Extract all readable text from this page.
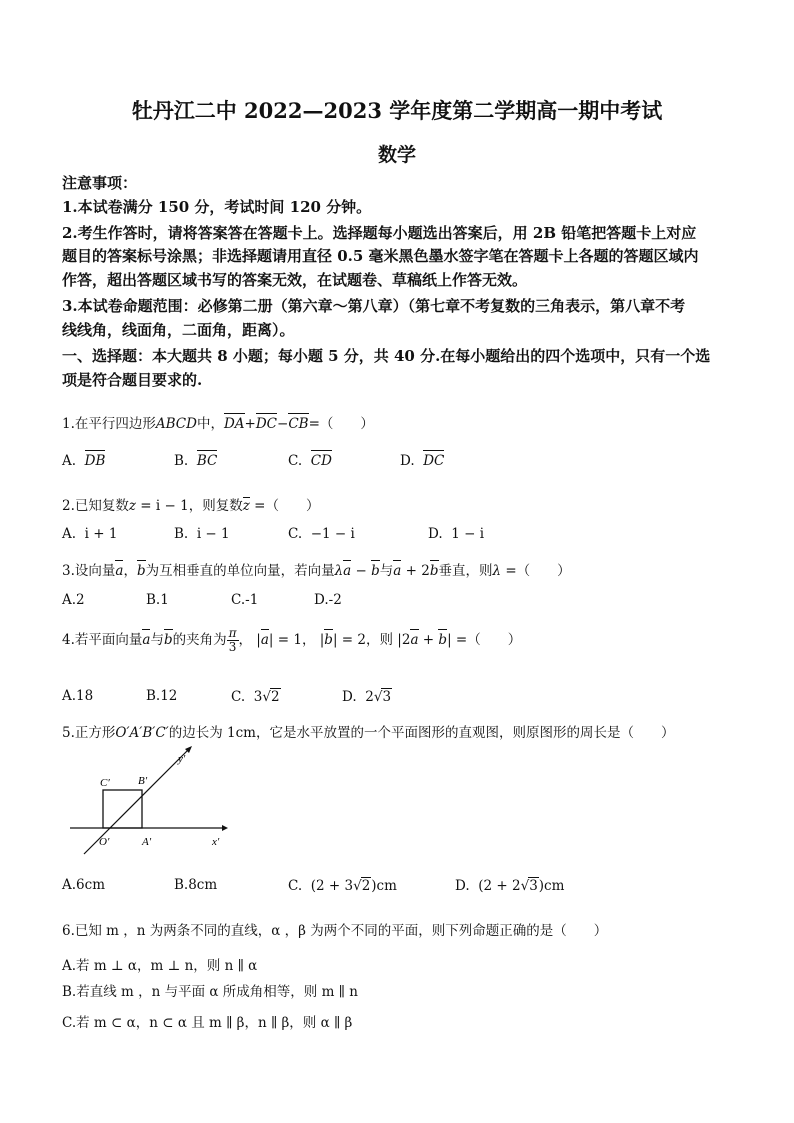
牡丹江二中 2022—2023 学年度第二学期高一期中考试
数学
注意事项：
1.本试卷满分 150 分，考试时间 120 分钟。
2.考生作答时，请将答案答在答题卡上。选择题每小题选出答案后，用 2B 铅笔把答题卡上对应
题目的答案标号涂黑；非选择题请用直径 0.5 毫米黑色墨水签字笔在答题卡上各题的答题区域内
作答，超出答题区域书写的答案无效，在试题卷、草稿纸上作答无效。
3.本试卷命题范围：必修第二册（第六章～第八章）（第七章不考复数的三角表示，第八章不考
线线角，线面角，二面角，距离）。
一、选择题：本大题共 8 小题；每小题 5 分，共 40 分.在每小题给出的四个选项中，只有一个选
项是符合题目要求的.
1.在平行四边形ABCD中，DA+DC−CB=（　　）
A. DB	B. BC	C. CD	D. DC
2.已知复数z = i − 1，则复数z =（　　）
A. i + 1	B. i − 1	C. −1 − i	D. 1 − i
3.设向量a，b为互相垂直的单位向量，若向量λa − b与a + 2b垂直，则λ =（　　）
A.2	B.1	C.-1	D.-2
4.若平面向量a与b的夹角为 $\frac{\pi}{3}$ ， |a| = 1， |b| = 2，则 |2a + b| =（　　）
A.18	B.12	C. 3√2	D. 2√3
5.正方形O′A′B′C′的边长为 1cm，它是水平放置的一个平面图形的直观图，则原图形的周长是（　　）
y′
x′
C′	B′
O′	A′
A.6cm	B.8cm	C. (2 + 3√2)cm	D. (2 + 2√3)cm
6.已知 m ，n 为两条不同的直线，α ，β 为两个不同的平面，则下列命题正确的是（　　）
A.若 m ⊥ α，m ⊥ n，则 n ∥ α
B.若直线 m ，n 与平面 α 所成角相等，则 m ∥ n
C.若 m ⊂ α，n ⊂ α 且 m ∥ β，n ∥ β，则 α ∥ β
